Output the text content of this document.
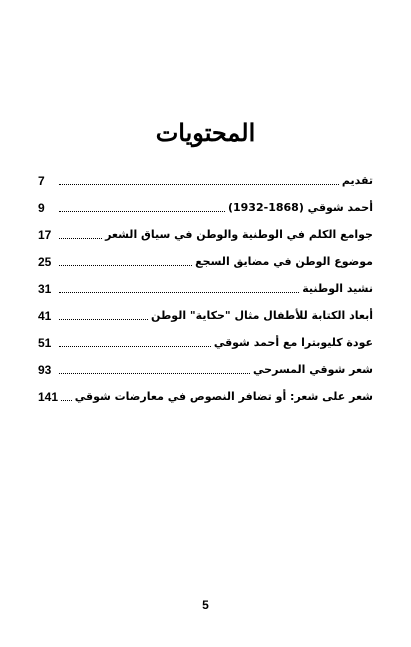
المحتويات
تقديم
7
أحمد شوقي (1868-1932)
9
جوامع الكلم في الوطنية والوطن في سياق الشعر
17
موضوع الوطن في مضايق السجع
25
نشيد الوطنية
31
أبعاد الكتابة للأطفال مثال "حكاية" الوطن
41
عودة كليوبترا مع أحمد شوقي
51
شعر شوقي المسرحي
93
شعر على شعر: أو تضافر النصوص في معارضات شوقي
141
5
